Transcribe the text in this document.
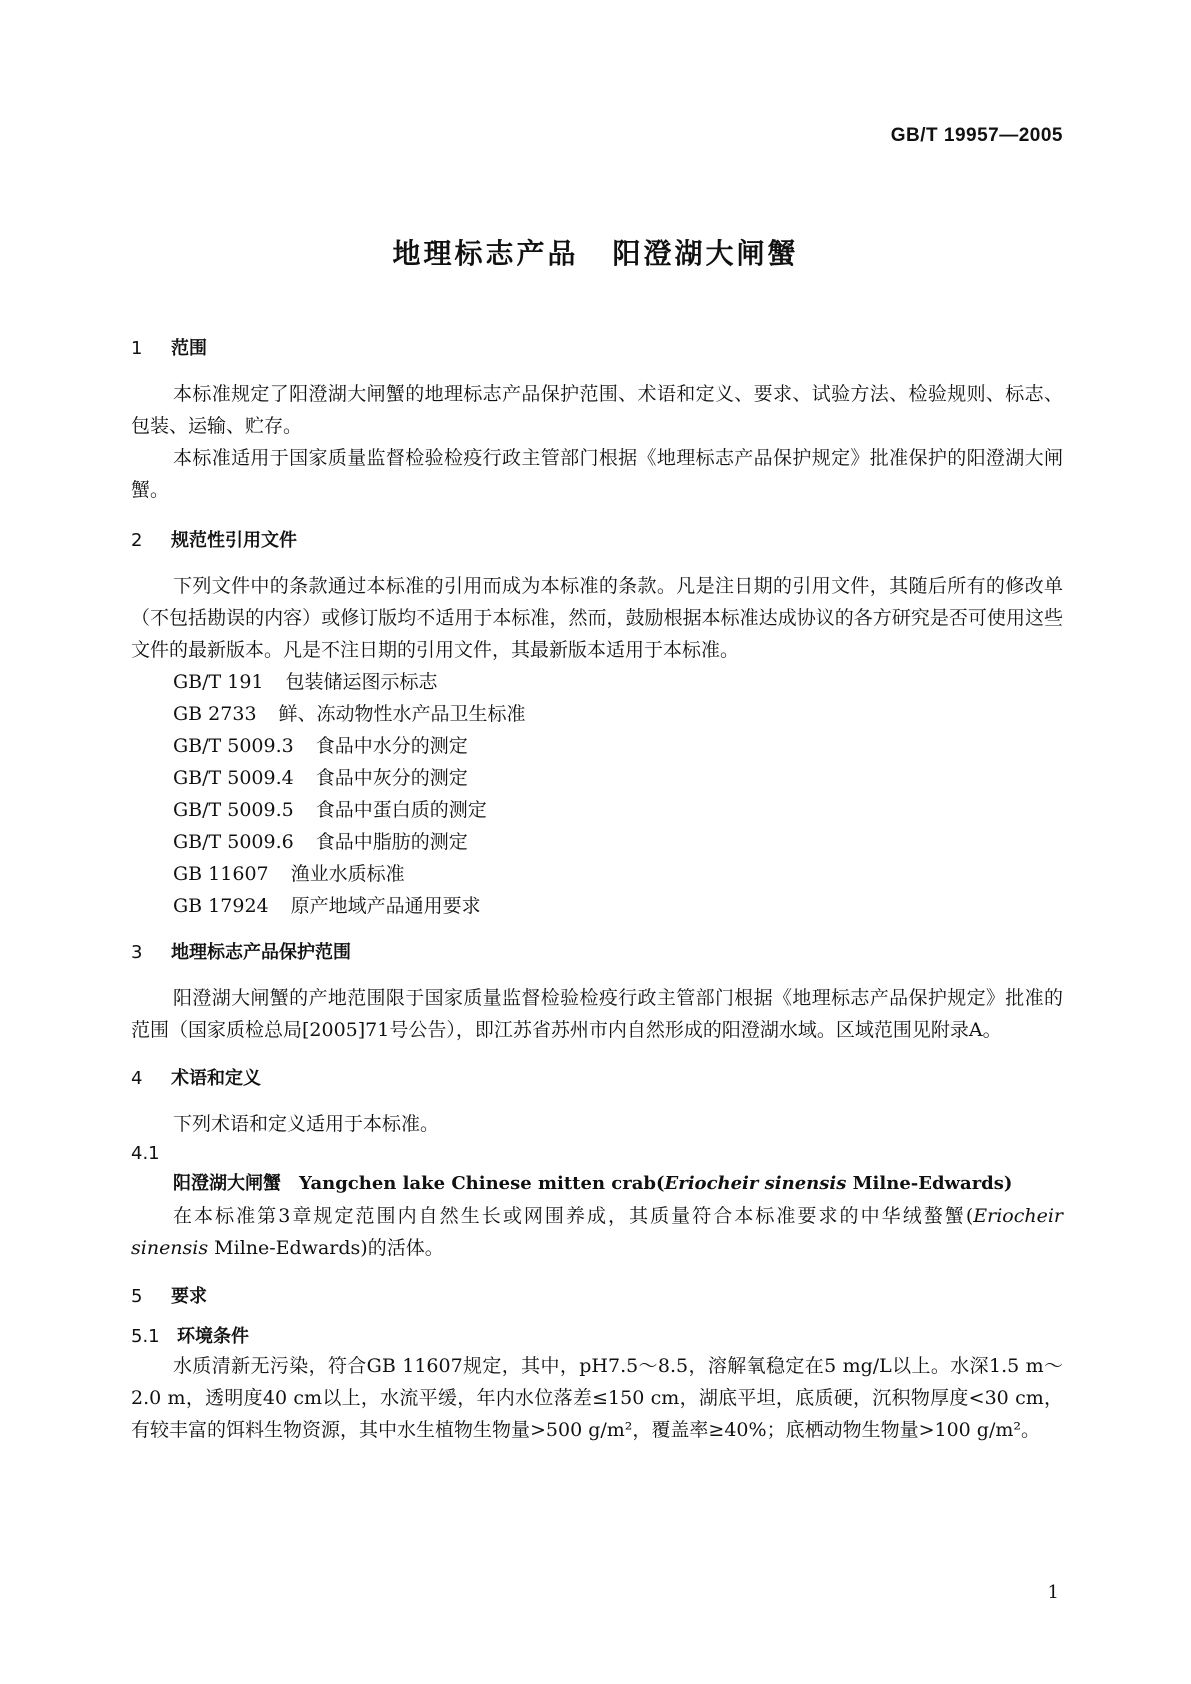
GB/T 19957—2005
地理标志产品 阳澄湖大闸蟹
1 范围
本标准规定了阳澄湖大闸蟹的地理标志产品保护范围、术语和定义、要求、试验方法、检验规则、标志、包装、运输、贮存。
本标准适用于国家质量监督检验检疫行政主管部门根据《地理标志产品保护规定》批准保护的阳澄湖大闸蟹。
2 规范性引用文件
下列文件中的条款通过本标准的引用而成为本标准的条款。凡是注日期的引用文件，其随后所有的修改单（不包括勘误的内容）或修订版均不适用于本标准，然而，鼓励根据本标准达成协议的各方研究是否可使用这些文件的最新版本。凡是不注日期的引用文件，其最新版本适用于本标准。
GB/T 191 包装储运图示标志
GB 2733 鲜、冻动物性水产品卫生标准
GB/T 5009.3 食品中水分的测定
GB/T 5009.4 食品中灰分的测定
GB/T 5009.5 食品中蛋白质的测定
GB/T 5009.6 食品中脂肪的测定
GB 11607 渔业水质标准
GB 17924 原产地域产品通用要求
3 地理标志产品保护范围
阳澄湖大闸蟹的产地范围限于国家质量监督检验检疫行政主管部门根据《地理标志产品保护规定》批准的范围（国家质检总局[2005]71号公告），即江苏省苏州市内自然形成的阳澄湖水域。区域范围见附录A。
4 术语和定义
下列术语和定义适用于本标准。
4.1
阳澄湖大闸蟹 Yangchen lake Chinese mitten crab(Eriocheir sinensis Milne-Edwards)
在本标准第3章规定范围内自然生长或网围养成，其质量符合本标准要求的中华绒螯蟹(Eriocheir sinensis Milne-Edwards)的活体。
5 要求
5.1 环境条件
水质清新无污染，符合GB 11607规定，其中，pH7.5～8.5，溶解氧稳定在5 mg/L以上。水深1.5 m～2.0 m，透明度40 cm以上，水流平缓，年内水位落差≤150 cm，湖底平坦，底质硬，沉积物厚度<30 cm，有较丰富的饵料生物资源，其中水生植物生物量>500 g/m²，覆盖率≥40%；底栖动物生物量>100 g/m²。
1
